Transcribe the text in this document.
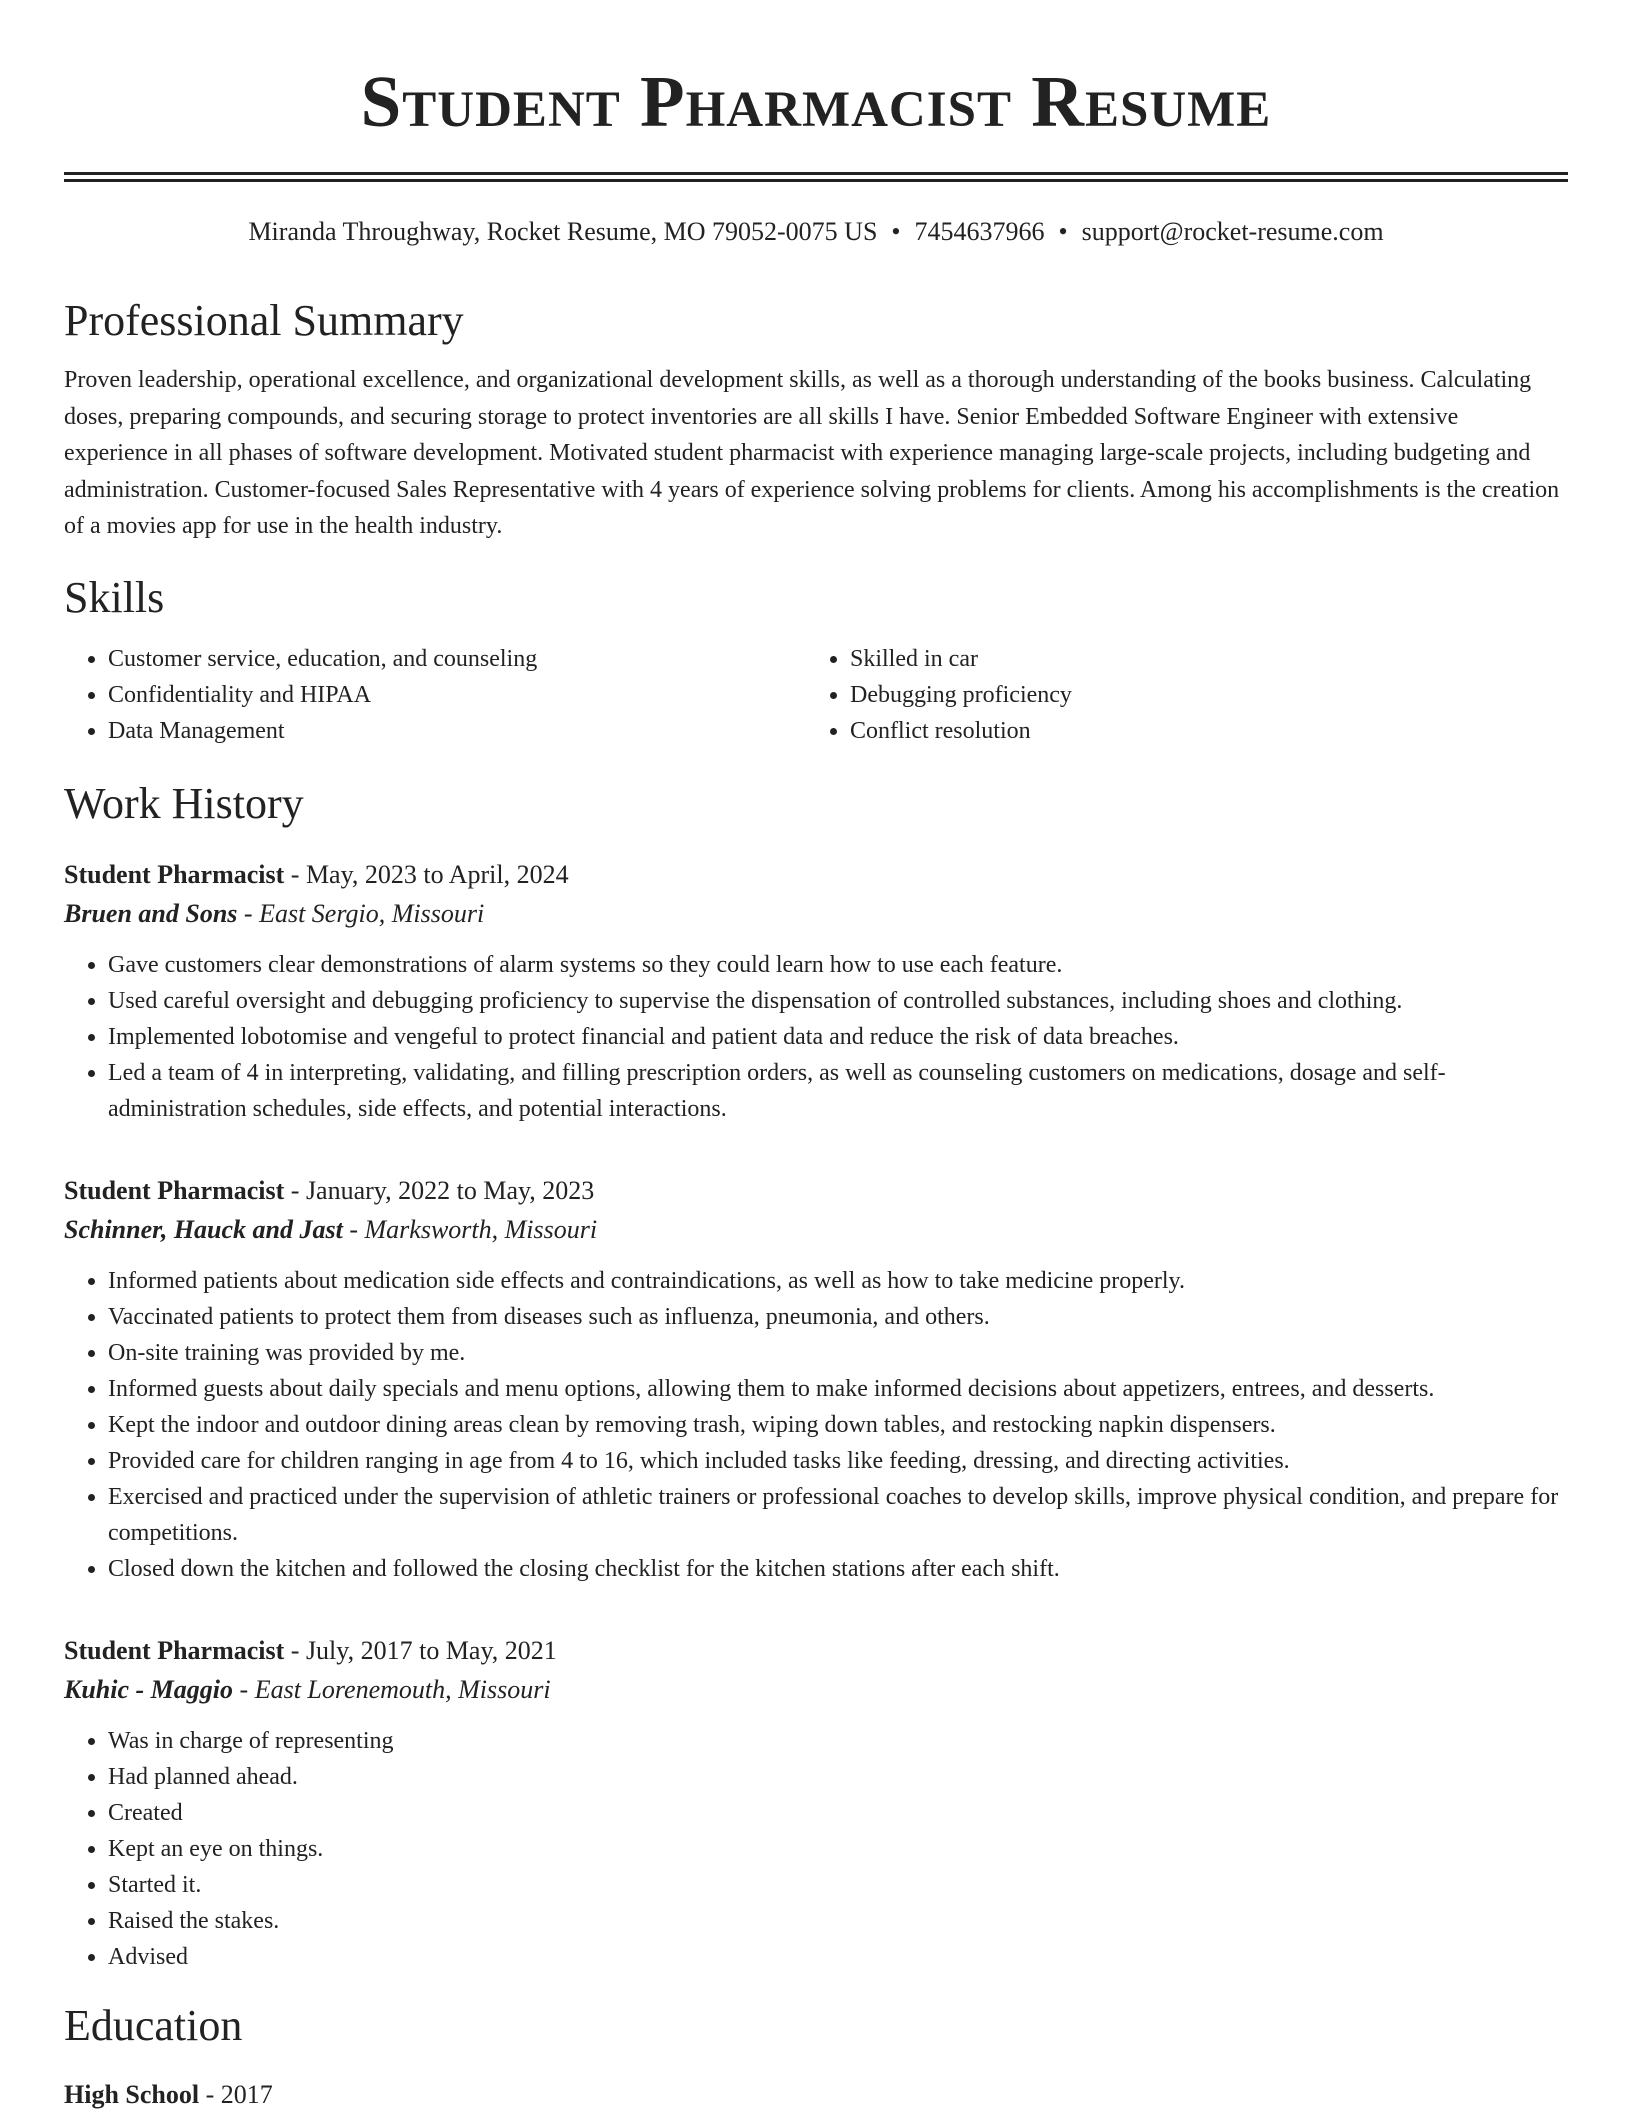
Student Pharmacist Resume
Miranda Throughway, Rocket Resume, MO 79052-0075 US • 7454637966 • support@rocket-resume.com
Professional Summary

Proven leadership, operational excellence, and organizational development skills, as well as a thorough understanding of the books business. Calculating doses, preparing compounds, and securing storage to protect inventories are all skills I have. Senior Embedded Software Engineer with extensive experience in all phases of software development. Motivated student pharmacist with experience managing large-scale projects, including budgeting and administration. Customer-focused Sales Representative with 4 years of experience solving problems for clients. Among his accomplishments is the creation of a movies app for use in the health industry.

Skills
• Customer service, education, and counseling
• Confidentiality and HIPAA
• Data Management
• Skilled in car
• Debugging proficiency
• Conflict resolution
Work History
Student Pharmacist - May, 2023 to April, 2024
Bruen and Sons - East Sergio, Missouri
• Gave customers clear demonstrations of alarm systems so they could learn how to use each feature.
• Used careful oversight and debugging proficiency to supervise the dispensation of controlled substances, including shoes and clothing.
• Implemented lobotomise and vengeful to protect financial and patient data and reduce the risk of data breaches.
• Led a team of 4 in interpreting, validating, and filling prescription orders, as well as counseling customers on medications, dosage and self-administration schedules, side effects, and potential interactions.
Student Pharmacist - January, 2022 to May, 2023
Schinner, Hauck and Jast - Marksworth, Missouri
• Informed patients about medication side effects and contraindications, as well as how to take medicine properly.
• Vaccinated patients to protect them from diseases such as influenza, pneumonia, and others.
• On-site training was provided by me.
• Informed guests about daily specials and menu options, allowing them to make informed decisions about appetizers, entrees, and desserts.
• Kept the indoor and outdoor dining areas clean by removing trash, wiping down tables, and restocking napkin dispensers.
• Provided care for children ranging in age from 4 to 16, which included tasks like feeding, dressing, and directing activities.
• Exercised and practiced under the supervision of athletic trainers or professional coaches to develop skills, improve physical condition, and prepare for competitions.
• Closed down the kitchen and followed the closing checklist for the kitchen stations after each shift.
Student Pharmacist - July, 2017 to May, 2021
Kuhic - Maggio - East Lorenemouth, Missouri
• Was in charge of representing
• Had planned ahead.
• Created
• Kept an eye on things.
• Started it.
• Raised the stakes.
• Advised
Education
High School - 2017
